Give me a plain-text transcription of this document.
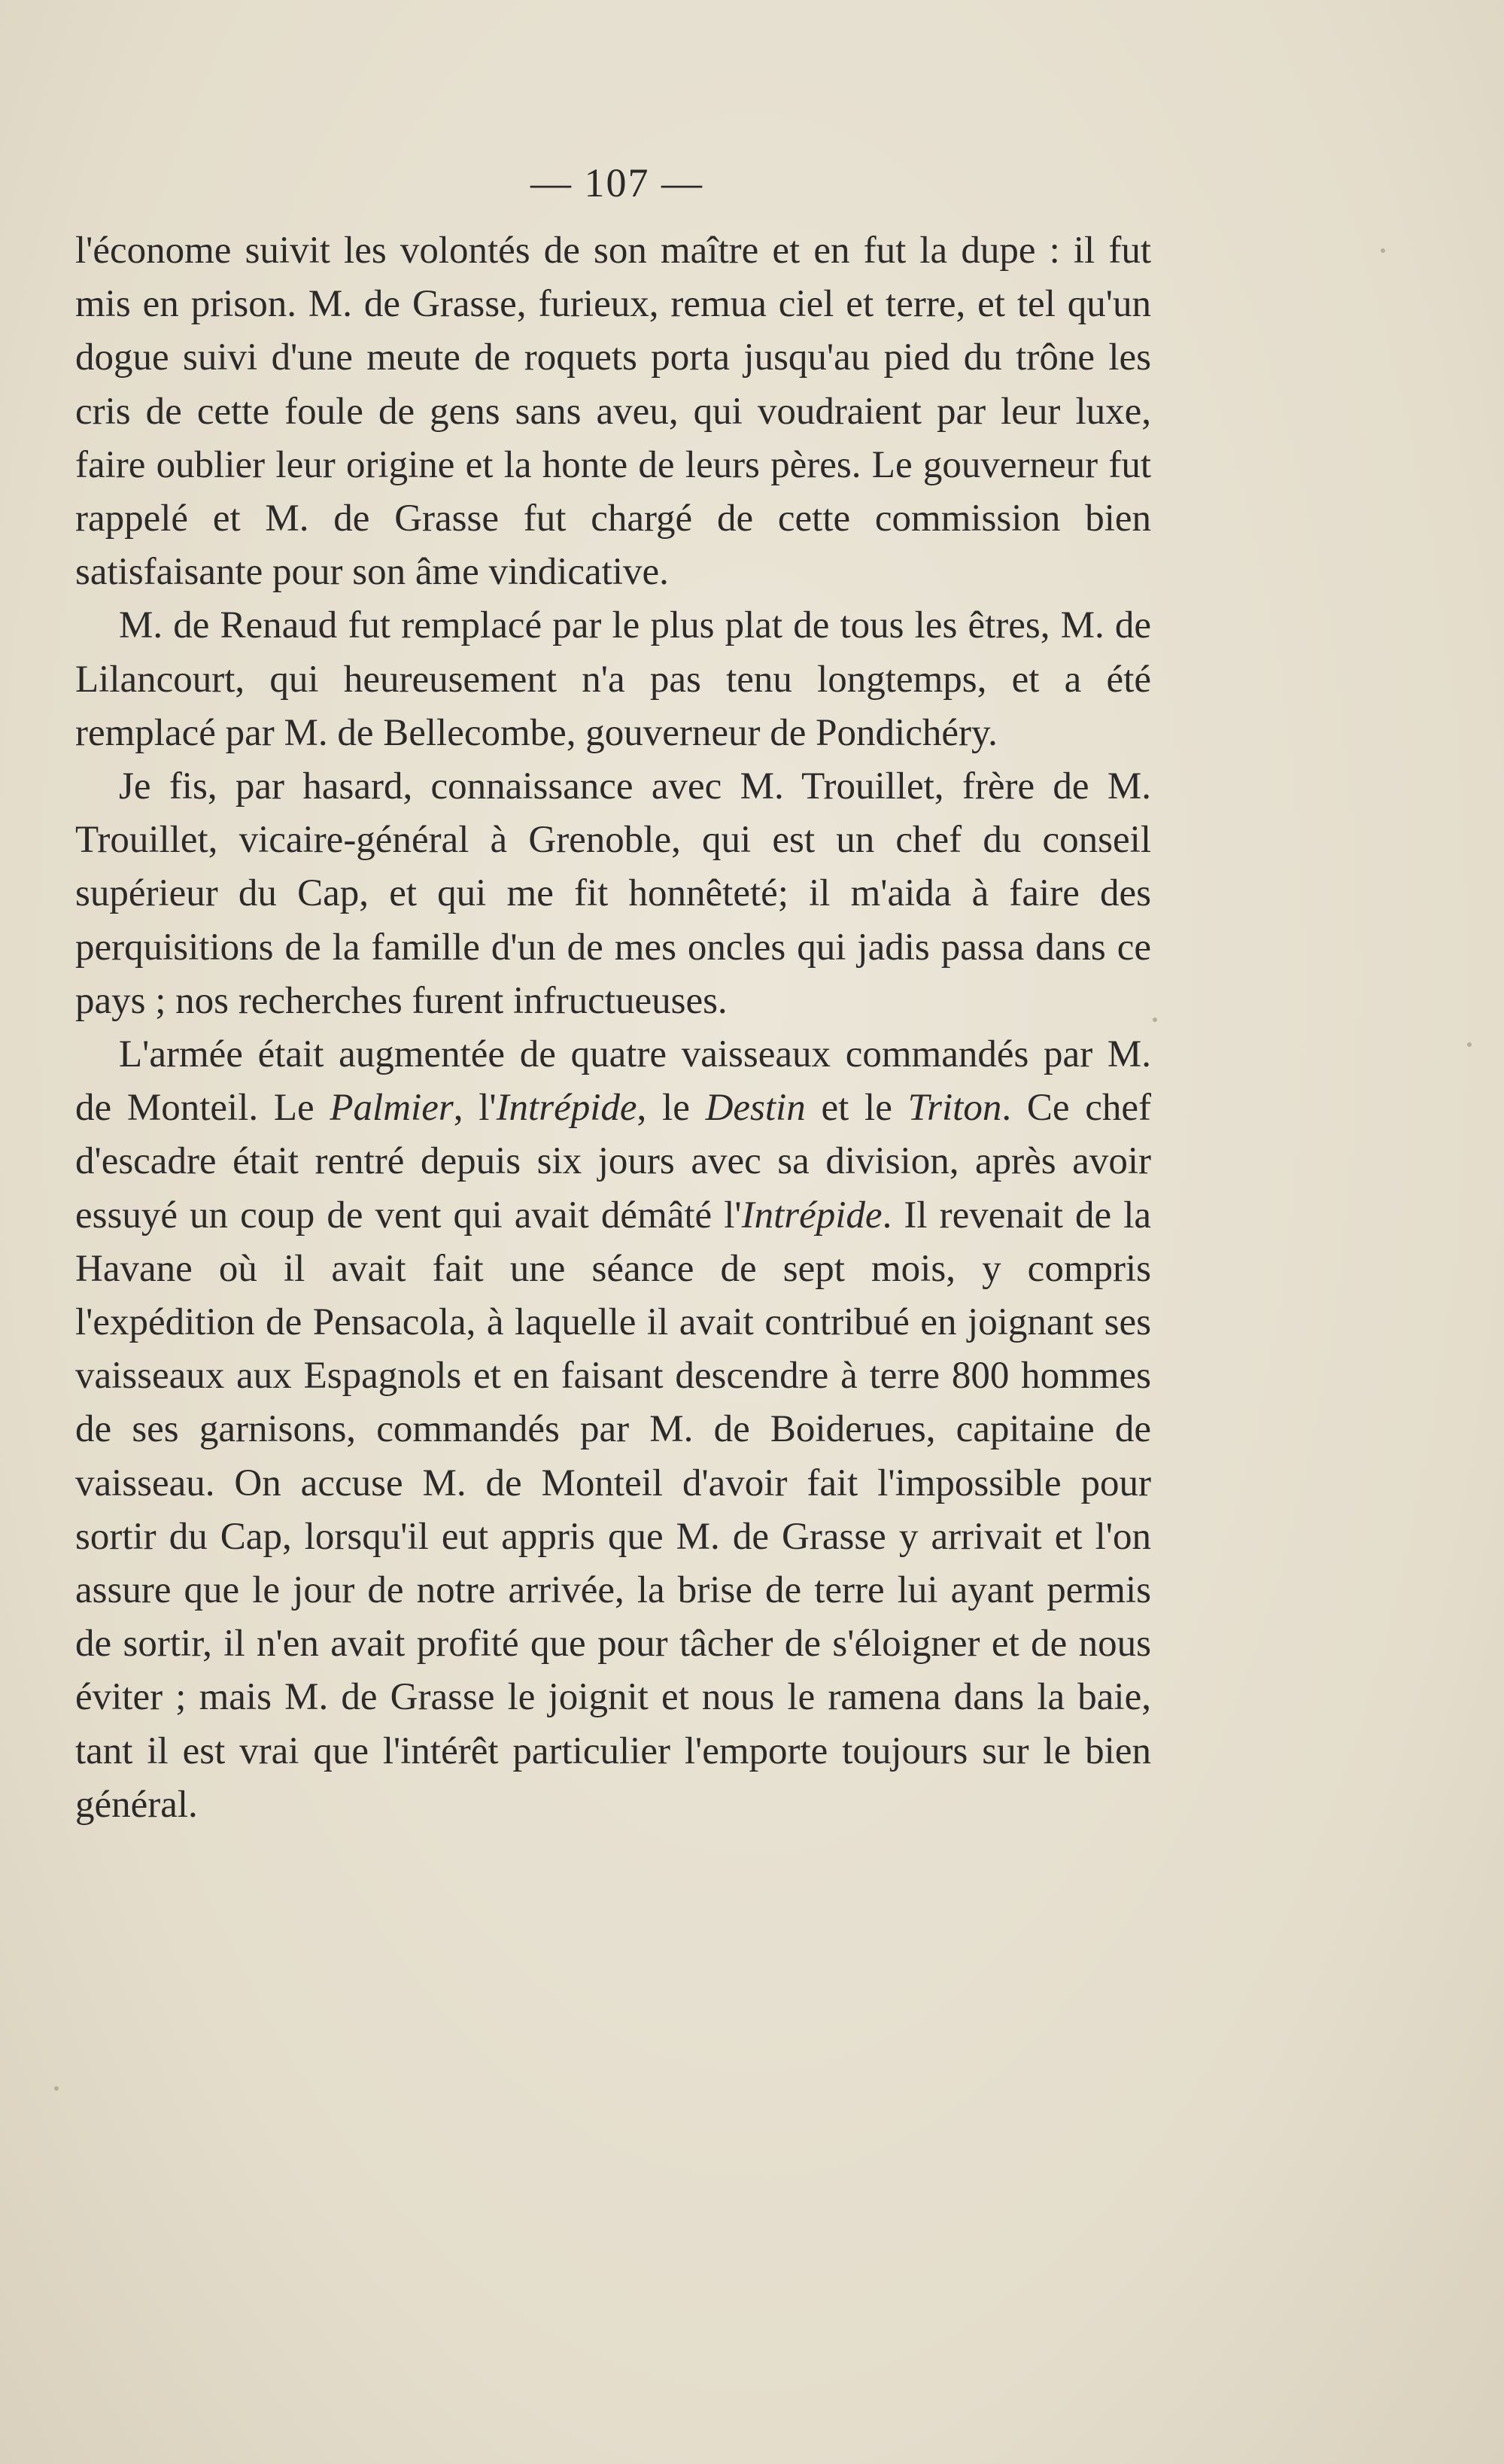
— 107 —

l'économe suivit les volontés de son maître et en fut la dupe : il fut mis en prison. M. de Grasse, furieux, remua ciel et terre, et tel qu'un dogue suivi d'une meute de roquets porta jusqu'au pied du trône les cris de cette foule de gens sans aveu, qui voudraient par leur luxe, faire oublier leur origine et la honte de leurs pères. Le gouverneur fut rappelé et M. de Grasse fut chargé de cette commission bien satisfaisante pour son âme vindicative.

M. de Renaud fut remplacé par le plus plat de tous les êtres, M. de Lilancourt, qui heureusement n'a pas tenu longtemps, et a été remplacé par M. de Bellecombe, gouverneur de Pondichéry.

Je fis, par hasard, connaissance avec M. Trouillet, frère de M. Trouillet, vicaire-général à Grenoble, qui est un chef du conseil supérieur du Cap, et qui me fit honnêteté; il m'aida à faire des perquisitions de la famille d'un de mes oncles qui jadis passa dans ce pays ; nos recherches furent infructueuses.

L'armée était augmentée de quatre vaisseaux commandés par M. de Monteil. Le Palmier, l'Intrépide, le Destin et le Triton. Ce chef d'escadre était rentré depuis six jours avec sa division, après avoir essuyé un coup de vent qui avait démâté l'Intrépide. Il revenait de la Havane où il avait fait une séance de sept mois, y compris l'expédition de Pensacola, à laquelle il avait contribué en joignant ses vaisseaux aux Espagnols et en faisant descendre à terre 800 hommes de ses garnisons, commandés par M. de Boiderues, capitaine de vaisseau. On accuse M. de Monteil d'avoir fait l'impossible pour sortir du Cap, lorsqu'il eut appris que M. de Grasse y arrivait et l'on assure que le jour de notre arrivée, la brise de terre lui ayant permis de sortir, il n'en avait profité que pour tâcher de s'éloigner et de nous éviter ; mais M. de Grasse le joignit et nous le ramena dans la baie, tant il est vrai que l'intérêt particulier l'emporte toujours sur le bien général.
